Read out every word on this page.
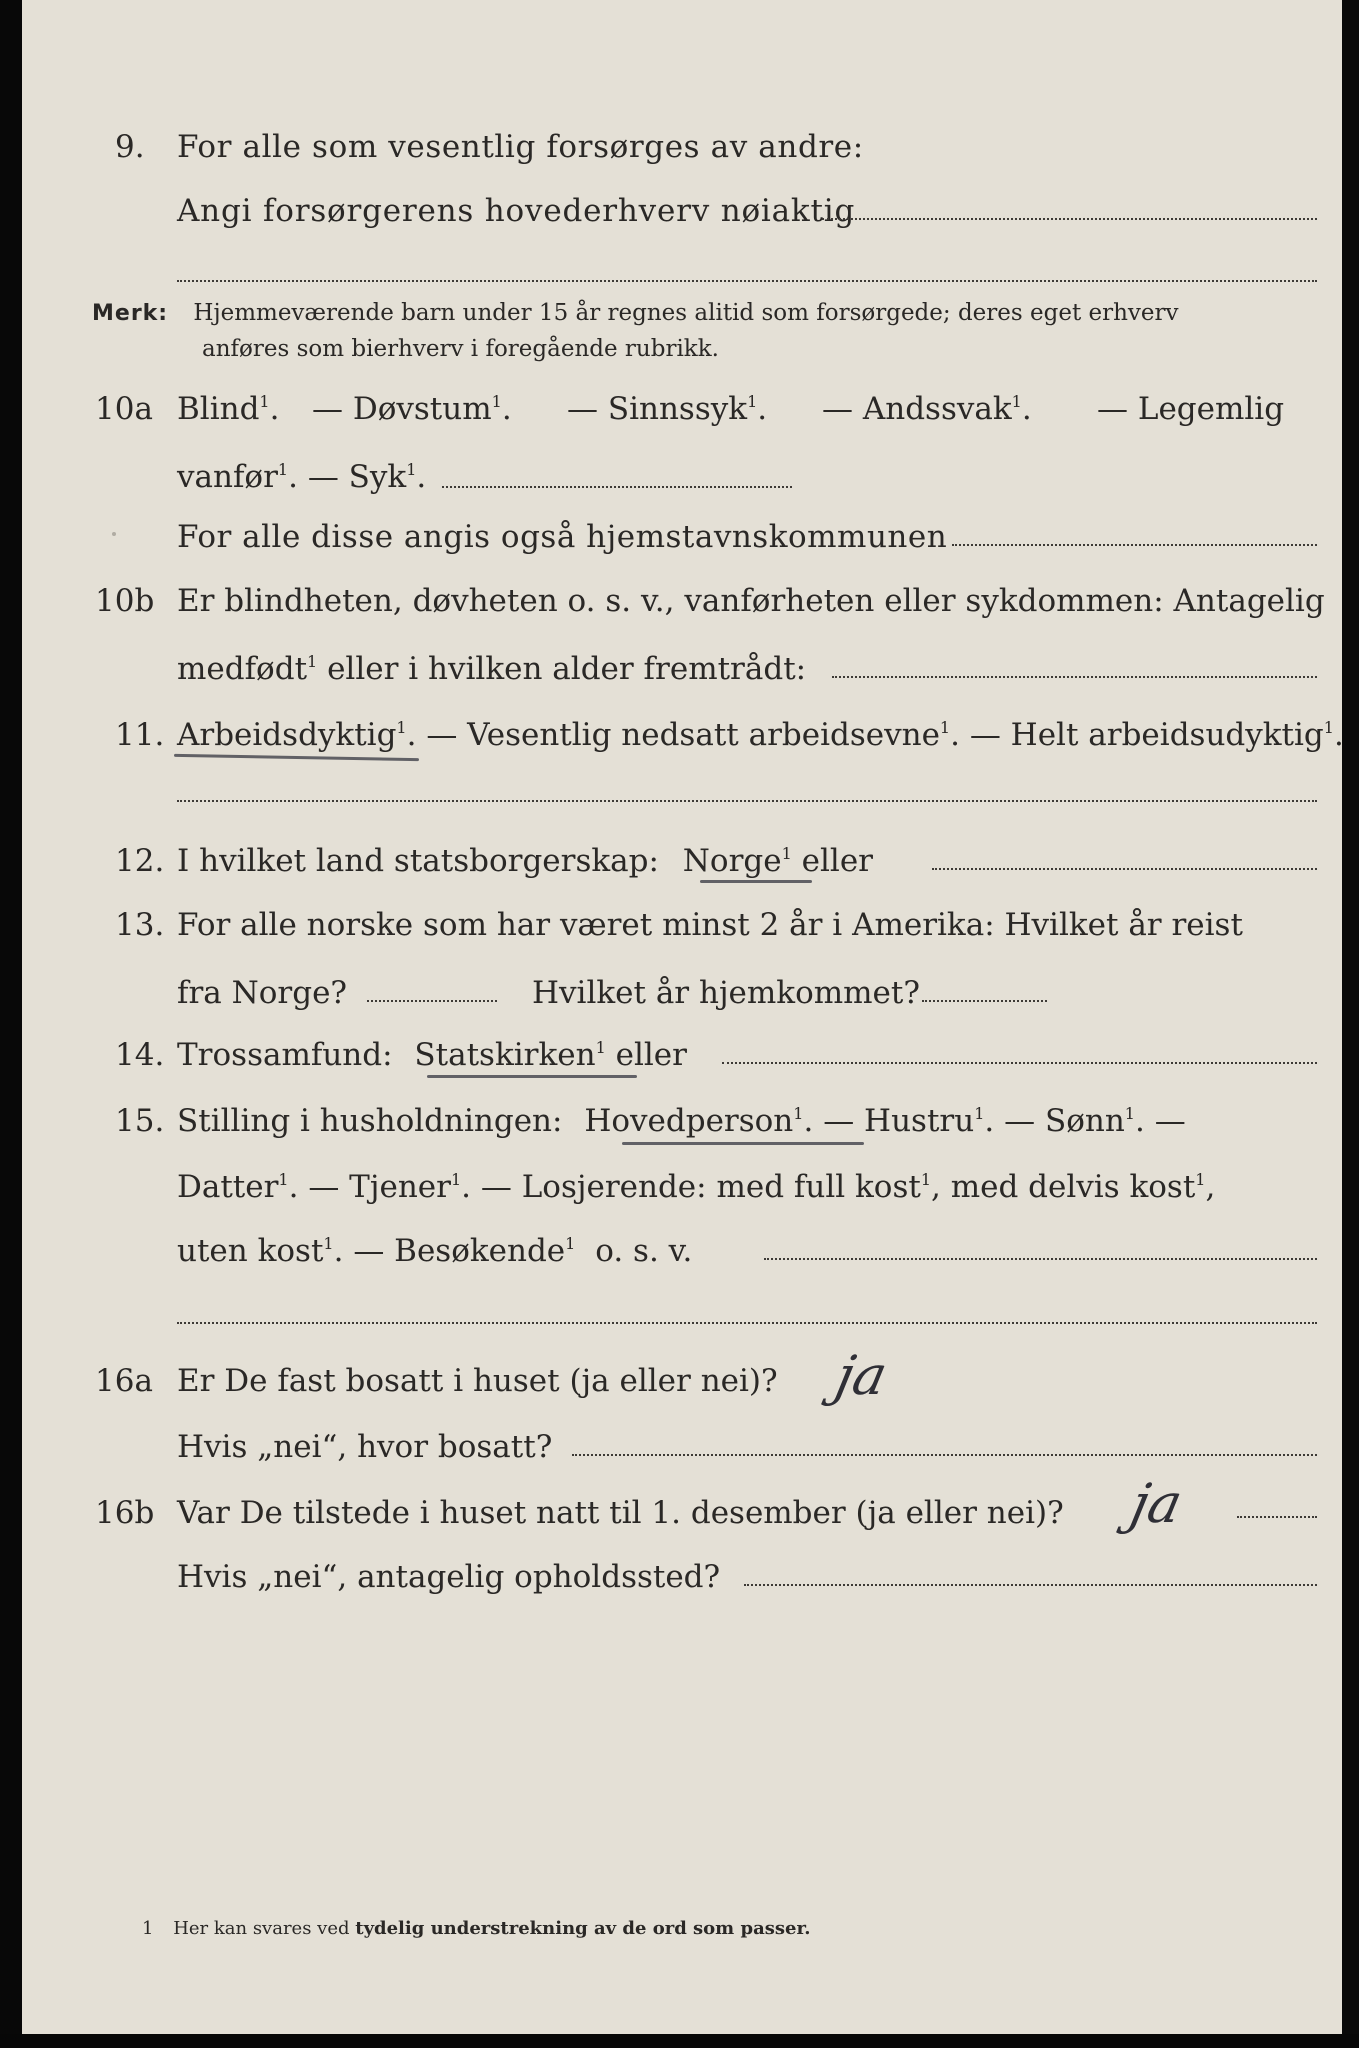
9. For alle som vesentlig forsørges av andre:
Angi forsørgerens hovederhverv nøiaktig
Merk: Hjemmeværende barn under 15 år regnes alitid som forsørgede; deres eget erhverv
anføres som bierhverv i foregående rubrikk.
10a Blind$^1$. — Døvstum$^1$. — Sinnssyk$^1$. — Andssvak$^1$. — Legemlig
vanfør$^1$. — Syk$^1$.
For alle disse angis også hjemstavnskommunen
10b Er blindheten, døvheten o. s. v., vanførheten eller sykdommen: Antagelig
medfødt$^1$ eller i hvilken alder fremtrådt:
11. Arbeidsdyktig$^1$. — Vesentlig nedsatt arbeidsevne$^1$. — Helt arbeidsudyktig$^1$.
12. I hvilket land statsborgerskap: Norge$^1$ eller
13. For alle norske som har været minst 2 år i Amerika: Hvilket år reist
fra Norge?	Hvilket år hjemkommet?
14. Trossamfund: Statskirken$^1$ eller
15. Stilling i husholdningen: Hovedperson$^1$. — Hustru$^1$. — Sønn$^1$. —
Datter$^1$. — Tjener$^1$. — Losjerende: med full kost$^1$, med delvis kost$^1$,
uten kost$^1$. — Besøkende$^1$ o. s. v.
16a Er De fast bosatt i huset (ja eller nei)? ja
Hvis „nei“, hvor bosatt?
16b Var De tilstede i huset natt til 1. desember (ja eller nei)? ja
Hvis „nei“, antagelig opholdssted?
1 Her kan svares ved tydelig understrekning av de ord som passer.
